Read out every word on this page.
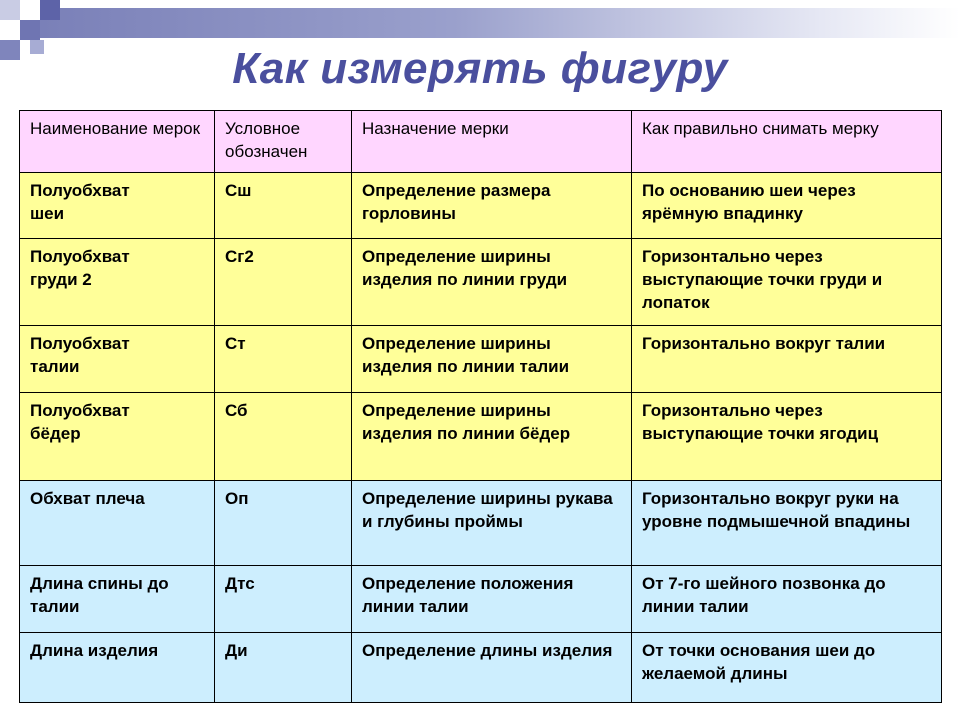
Как измерять фигуру
Наименование мерок	Условное обозначен	Назначение мерки	Как правильно снимать мерку

Полуобхват
шеи	Сш	Определение размера горловины	По основанию шеи через ярёмную впадинку

Полуобхват
груди 2	Сг2	Определение ширины изделия по линии груди	Горизонтально через выступающие точки груди и лопаток

Полуобхват
талии	Ст	Определение ширины изделия по линии талии	Горизонтально вокруг талии

Полуобхват
бёдер	Сб	Определение ширины изделия по линии бёдер	Горизонтально через выступающие точки ягодиц

Обхват плеча	Оп	Определение ширины рукава и глубины проймы	Горизонтально вокруг руки на уровне подмышечной впадины

Длина спины до талии	Дтс	Определение положения линии талии	От 7-го шейного позвонка до линии талии

Длина изделия	Ди	Определение длины изделия	От точки основания шеи до желаемой длины
